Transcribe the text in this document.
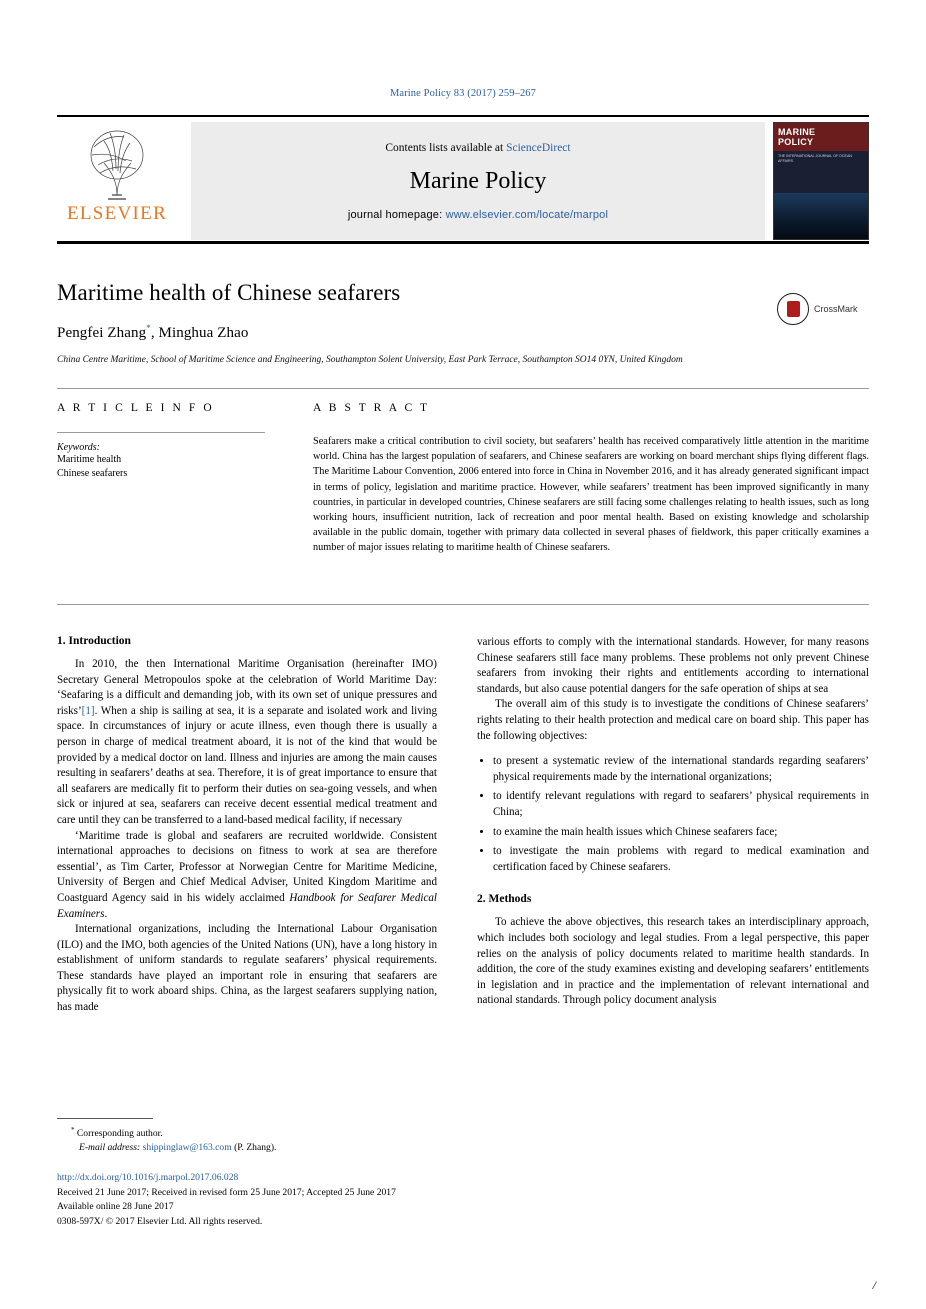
Marine Policy 83 (2017) 259–267
ELSEVIER
Contents lists available at ScienceDirect
Marine Policy
journal homepage: www.elsevier.com/locate/marpol
MARINE
POLICY
THE INTERNATIONAL JOURNAL OF OCEAN AFFAIRS
Maritime health of Chinese seafarers
Pengfei Zhang*, Minghua Zhao
China Centre Maritime, School of Maritime Science and Engineering, Southampton Solent University, East Park Terrace, Southampton SO14 0YN, United Kingdom
CrossMark
A R T I C L E I N F O
Keywords:
Maritime health
Chinese seafarers
A B S T R A C T
Seafarers make a critical contribution to civil society, but seafarers’ health has received comparatively little attention in the maritime world. China has the largest population of seafarers, and Chinese seafarers are working on board merchant ships flying different flags. The Maritime Labour Convention, 2006 entered into force in China in November 2016, and it has already generated significant impact in terms of policy, legislation and maritime practice. However, while seafarers’ treatment has been improved significantly in many countries, in particular in developed countries, Chinese seafarers are still facing some challenges relating to health issues, such as long working hours, insufficient nutrition, lack of recreation and poor mental health. Based on existing knowledge and scholarship available in the public domain, together with primary data collected in several phases of fieldwork, this paper critically examines a number of major issues relating to maritime health of Chinese seafarers.
1. Introduction

In 2010, the then International Maritime Organisation (hereinafter IMO) Secretary General Metropoulos spoke at the celebration of World Maritime Day: ‘Seafaring is a difficult and demanding job, with its own set of unique pressures and risks’[1]. When a ship is sailing at sea, it is a separate and isolated work and living space. In circumstances of injury or acute illness, even though there is usually a person in charge of medical treatment aboard, it is not of the kind that would be provided by a medical doctor on land. Illness and injuries are among the main causes resulting in seafarers’ deaths at sea. Therefore, it is of great importance to ensure that all seafarers are medically fit to perform their duties on sea-going vessels, and when sick or injured at sea, seafarers can receive decent essential medical treatment and care until they can be transferred to a land-based medical facility, if necessary

‘Maritime trade is global and seafarers are recruited worldwide. Consistent international approaches to decisions on fitness to work at sea are therefore essential’, as Tim Carter, Professor at Norwegian Centre for Maritime Medicine, University of Bergen and Chief Medical Adviser, United Kingdom Maritime and Coastguard Agency said in his widely acclaimed Handbook for Seafarer Medical Examiners.

International organizations, including the International Labour Organisation (ILO) and the IMO, both agencies of the United Nations (UN), have a long history in establishment of uniform standards to regulate seafarers’ physical requirements. These standards have played an important role in ensuring that seafarers are physically fit to work aboard ships. China, as the largest seafarers supplying nation, has made

various efforts to comply with the international standards. However, for many reasons Chinese seafarers still face many problems. These problems not only prevent Chinese seafarers from invoking their rights and entitlements according to international standards, but also cause potential dangers for the safe operation of ships at sea

The overall aim of this study is to investigate the conditions of Chinese seafarers’ rights relating to their health protection and medical care on board ship. This paper has the following objectives:

• to present a systematic review of the international standards regarding seafarers’ physical requirements made by the international organizations;
• to identify relevant regulations with regard to seafarers’ physical requirements in China;
• to examine the main health issues which Chinese seafarers face;
• to investigate the main problems with regard to medical examination and certification faced by Chinese seafarers.
2. Methods

To achieve the above objectives, this research takes an interdisciplinary approach, which includes both sociology and legal studies. From a legal perspective, this paper relies on the analysis of policy documents related to maritime health standards. In addition, the core of the study examines existing and developing seafarers’ entitlements in legislation and in practice and the implementation of relevant international and national standards. Through policy document analysis

* Corresponding author.
E-mail address: shippinglaw@163.com (P. Zhang).
http://dx.doi.org/10.1016/j.marpol.2017.06.028
Received 21 June 2017; Received in revised form 25 June 2017; Accepted 25 June 2017
Available online 28 June 2017
0308-597X/ © 2017 Elsevier Ltd. All rights reserved.
/
